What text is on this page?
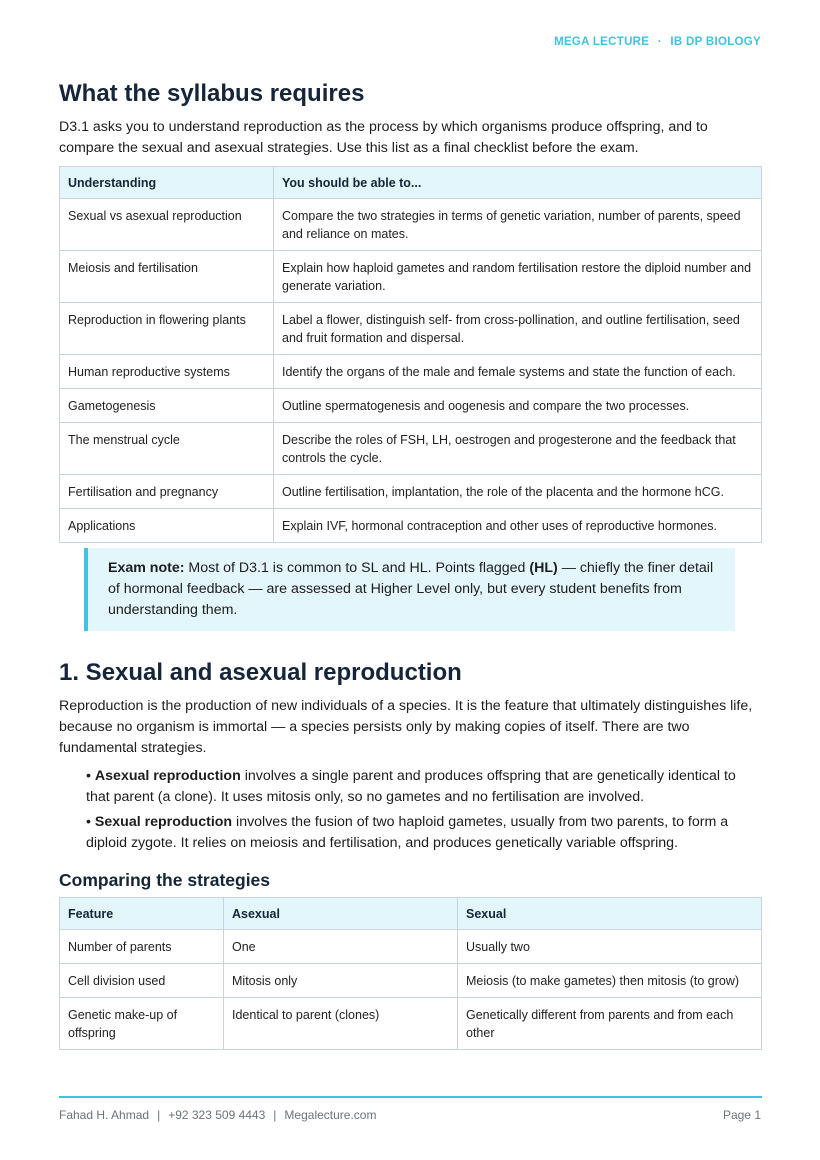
MEGA LECTURE · IB DP BIOLOGY
What the syllabus requires

D3.1 asks you to understand reproduction as the process by which organisms produce offspring, and to compare the sexual and asexual strategies. Use this list as a final checklist before the exam.

Understanding	You should be able to...
Sexual vs asexual reproduction	Compare the two strategies in terms of genetic variation, number of parents, speed and reliance on mates.
Meiosis and fertilisation	Explain how haploid gametes and random fertilisation restore the diploid number and generate variation.
Reproduction in flowering plants	Label a flower, distinguish self- from cross-pollination, and outline fertilisation, seed and fruit formation and dispersal.
Human reproductive systems	Identify the organs of the male and female systems and state the function of each.
Gametogenesis	Outline spermatogenesis and oogenesis and compare the two processes.
The menstrual cycle	Describe the roles of FSH, LH, oestrogen and progesterone and the feedback that controls the cycle.
Fertilisation and pregnancy	Outline fertilisation, implantation, the role of the placenta and the hormone hCG.
Applications	Explain IVF, hormonal contraception and other uses of reproductive hormones.
Exam note: Most of D3.1 is common to SL and HL. Points flagged (HL) — chiefly the finer detail of hormonal feedback — are assessed at Higher Level only, but every student benefits from understanding them.
1. Sexual and asexual reproduction

Reproduction is the production of new individuals of a species. It is the feature that ultimately distinguishes life, because no organism is immortal — a species persists only by making copies of itself. There are two fundamental strategies.

• Asexual reproduction involves a single parent and produces offspring that are genetically identical to that parent (a clone). It uses mitosis only, so no gametes and no fertilisation are involved.
• Sexual reproduction involves the fusion of two haploid gametes, usually from two parents, to form a diploid zygote. It relies on meiosis and fertilisation, and produces genetically variable offspring.
Comparing the strategies
Feature	Asexual	Sexual
Number of parents	One	Usually two
Cell division used	Mitosis only	Meiosis (to make gametes) then mitosis (to grow)
Genetic make-up of offspring	Identical to parent (clones)	Genetically different from parents and from each other
Fahad H. Ahmad | +92 323 509 4443 | Megalecture.com	Page 1
